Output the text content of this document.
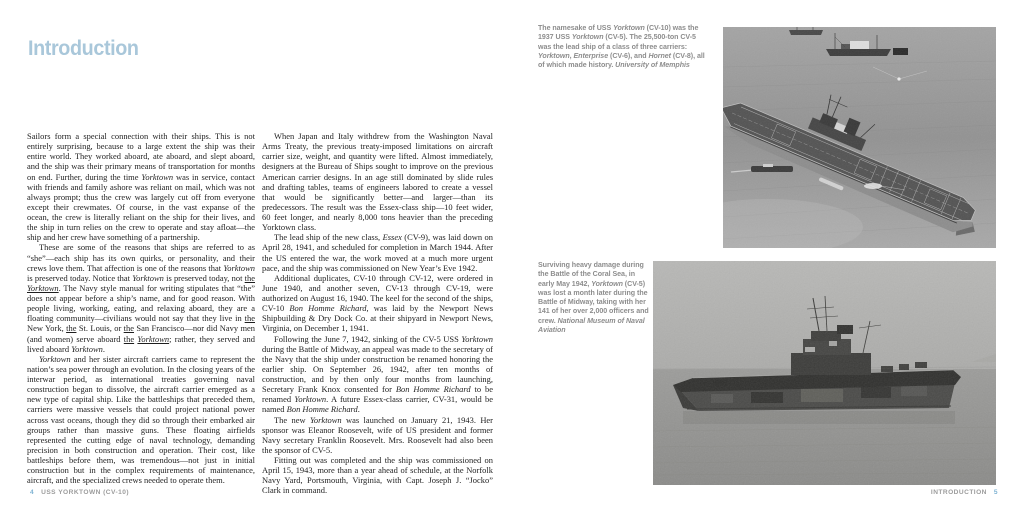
Introduction

Sailors form a special connection with their ships. This is not entirely surprising, because to a large extent the ship was their entire world. They worked aboard, ate aboard, and slept aboard, and the ship was their primary means of transportation for months on end. Further, during the time Yorktown was in service, contact with friends and family ashore was reliant on mail, which was not always prompt; thus the crew was largely cut off from everyone except their crewmates. Of course, in the vast expanse of the ocean, the crew is literally reliant on the ship for their lives, and the ship in turn relies on the crew to operate and stay afloat—the ship and her crew have something of a partnership.

These are some of the reasons that ships are referred to as “she”—each ship has its own quirks, or personality, and their crews love them. That affection is one of the reasons that Yorktown is preserved today. Notice that Yorktown is preserved today, not the Yorktown. The Navy style manual for writing stipulates that “the” does not appear before a ship’s name, and for good reason. With people living, working, eating, and relaxing aboard, they are a floating community—civilians would not say that they live in the New York, the St. Louis, or the San Francisco—nor did Navy men (and women) serve aboard the Yorktown; rather, they served and lived aboard Yorktown.

Yorktown and her sister aircraft carriers came to represent the nation’s sea power through an evolution. In the closing years of the interwar period, as international treaties governing naval construction began to dissolve, the aircraft carrier emerged as a new type of capital ship. Like the battleships that preceded them, carriers were massive vessels that could project national power across vast oceans, though they did so through their embarked air groups rather than massive guns. These floating airfields represented the cutting edge of naval technology, demanding precision in both construction and operation. Their cost, like battleships before them, was tremendous—not just in initial construction but in the complex requirements of maintenance, aircraft, and the specialized crews needed to operate them.

When Japan and Italy withdrew from the Washington Naval Arms Treaty, the previous treaty-imposed limitations on aircraft carrier size, weight, and quantity were lifted. Almost immediately, designers at the Bureau of Ships sought to improve on the previous American carrier designs. In an age still dominated by slide rules and drafting tables, teams of engineers labored to create a vessel that would be significantly better—and larger—than its predecessors. The result was the Essex-class ship—10 feet wider, 60 feet longer, and nearly 8,000 tons heavier than the preceding Yorktown class.

The lead ship of the new class, Essex (CV-9), was laid down on April 28, 1941, and scheduled for completion in March 1944. After the US entered the war, the work moved at a much more urgent pace, and the ship was commissioned on New Year’s Eve 1942.

Additional duplicates, CV-10 through CV-12, were ordered in June 1940, and another seven, CV-13 through CV-19, were authorized on August 16, 1940. The keel for the second of the ships, CV-10 Bon Homme Richard, was laid by the Newport News Shipbuilding & Dry Dock Co. at their shipyard in Newport News, Virginia, on December 1, 1941.

Following the June 7, 1942, sinking of the CV-5 USS Yorktown during the Battle of Midway, an appeal was made to the secretary of the Navy that the ship under construction be renamed honoring the earlier ship. On September 26, 1942, after ten months of construction, and by then only four months from launching, Secretary Frank Knox consented for Bon Homme Richard to be renamed Yorktown. A future Essex-class carrier, CV-31, would be named Bon Homme Richard.

The new Yorktown was launched on January 21, 1943. Her sponsor was Eleanor Roosevelt, wife of US president and former Navy secretary Franklin Roosevelt. Mrs. Roosevelt had also been the sponsor of CV-5.

Fitting out was completed and the ship was commissioned on April 15, 1943, more than a year ahead of schedule, at the Norfolk Navy Yard, Portsmouth, Virginia, with Capt. Joseph J. “Jocko” Clark in command.

4 USS YORKTOWN (CV-10)
The namesake of USS Yorktown (CV-10) was the 1937 USS Yorktown (CV-5). The 25,500-ton CV-5 was the lead ship of a class of three carriers: Yorktown, Enterprise (CV-6), and Hornet (CV-8), all of which made history. University of Memphis
Surviving heavy damage during the Battle of the Coral Sea, in early May 1942, Yorktown (CV-5) was lost a month later during the Battle of Midway, taking with her 141 of her over 2,000 officers and crew. National Museum of Naval Aviation
INTRODUCTION 5
